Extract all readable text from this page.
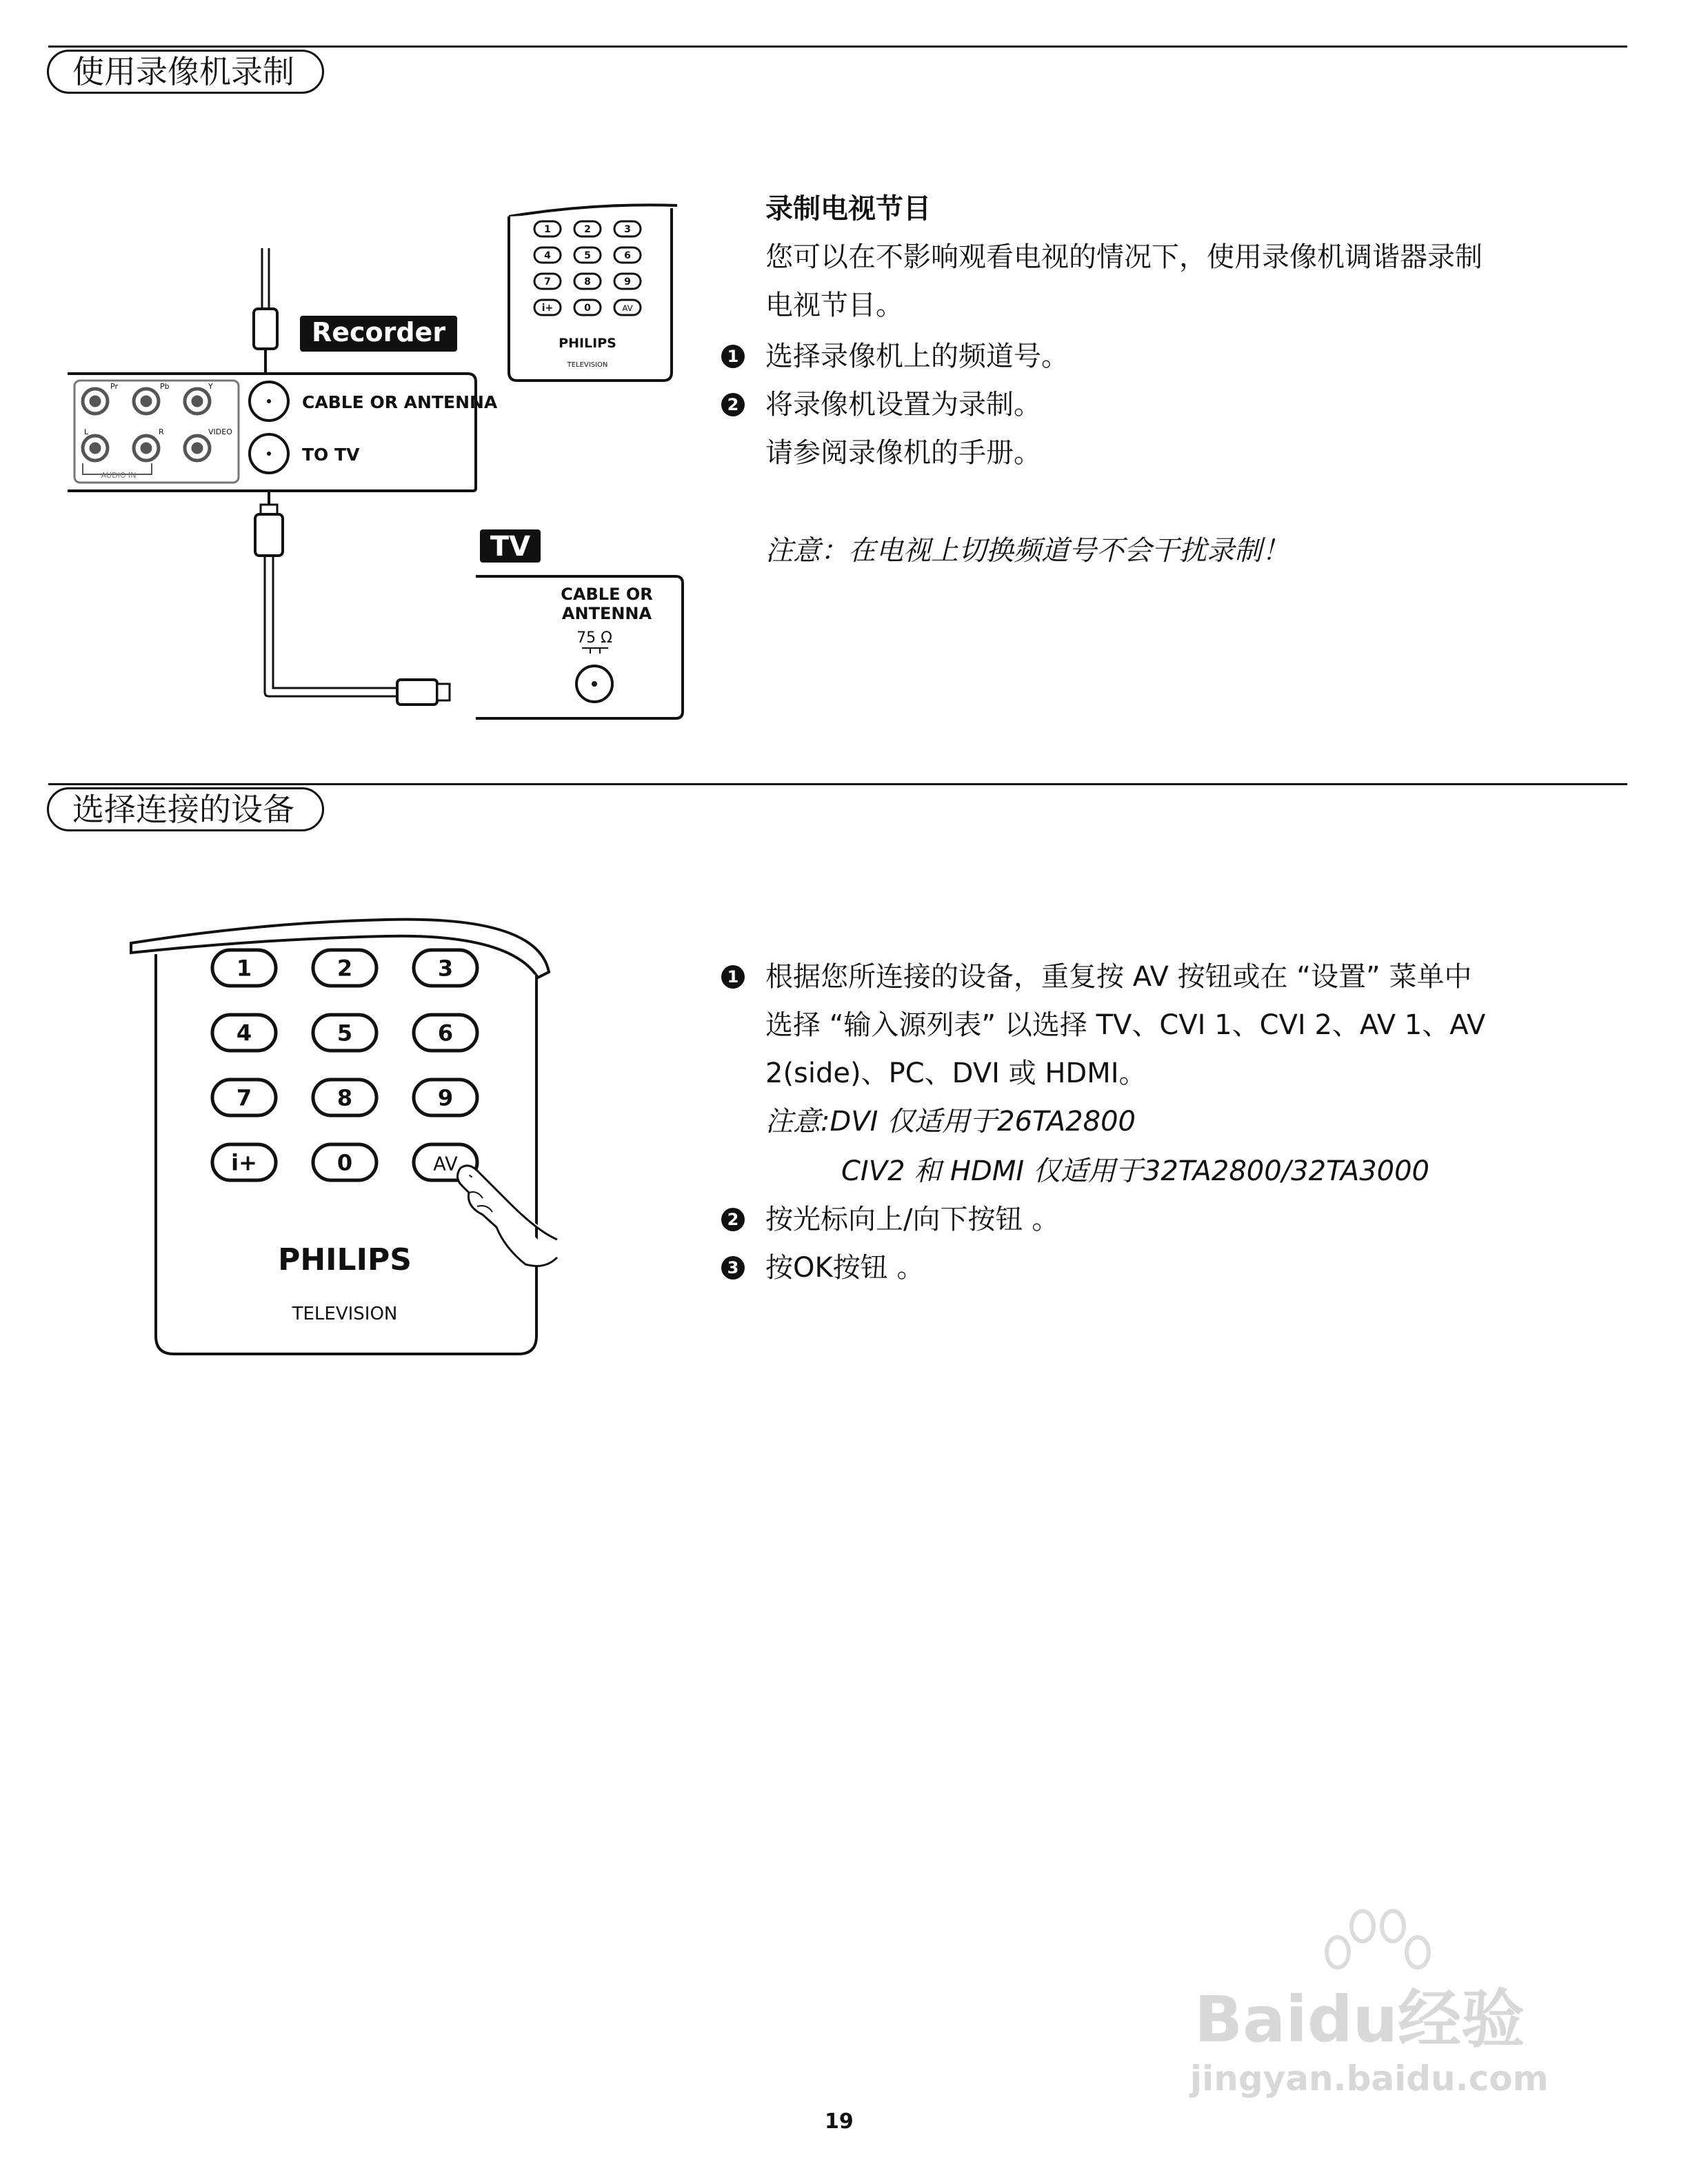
使用录像机录制
Recorder
Pr	Pb	Y
L	R	VIDEO
AUDIO IN
CABLE OR ANTENNA
TO TV
TV
CABLE OR
ANTENNA
75 Ω
1	2	3
4	5	6
7	8	9
i+	0	AV
PHILIPS
TELEVISION
录制电视节目
您可以在不影响观看电视的情况下，使用录像机调谐器录制
电视节目。
1 选择录像机上的频道号。
2 将录像机设置为录制。
请参阅录像机的手册。
注意：在电视上切换频道号不会干扰录制！
选择连接的设备
1	2	3
4	5	6
7	8	9
i+	0	AV
PHILIPS
TELEVISION
1 根据您所连接的设备，重复按 AV 按钮或在 “设置” 菜单中
选择 “输入源列表” 以选择 TV、CVI 1、CVI 2、AV 1、AV
2(side)、PC、DVI 或 HDMI。
注意:DVI 仅适用于26TA2800
CIV2 和 HDMI 仅适用于32TA2800/32TA3000
2 按光标向上/向下按钮 。
3 按OK按钮 。
Baidu经验
jingyan.baidu.com
19
